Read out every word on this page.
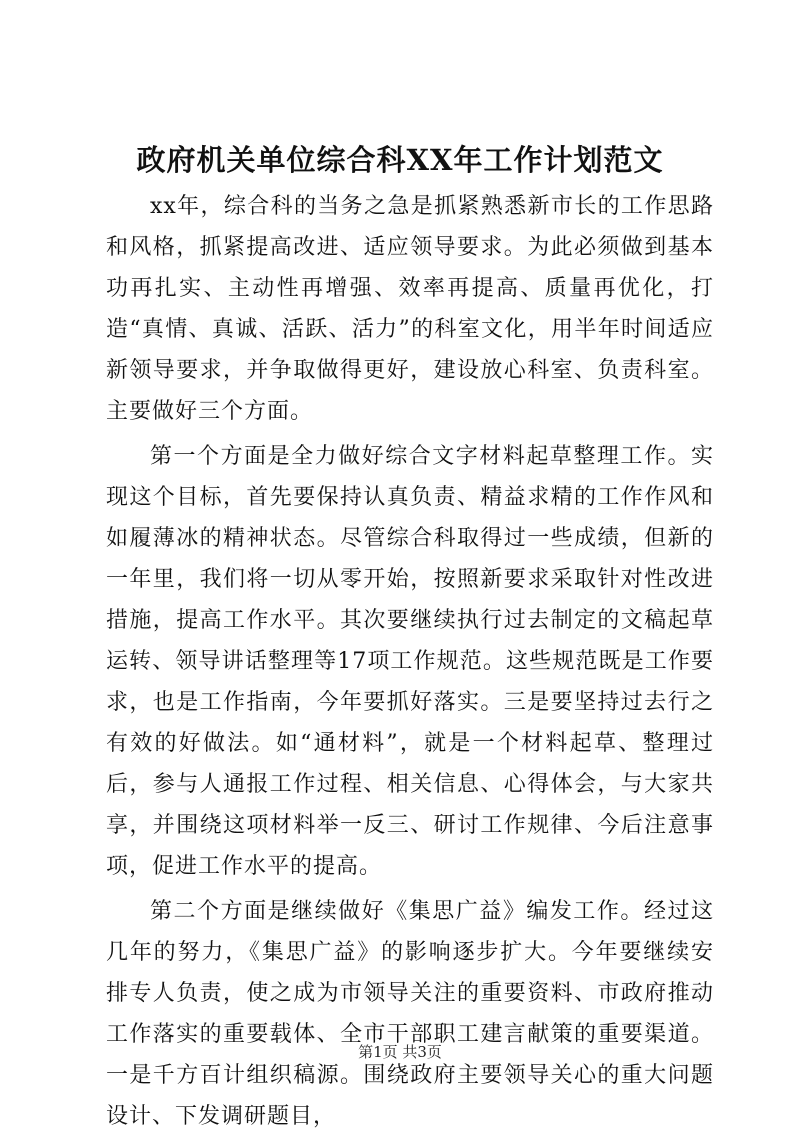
政府机关单位综合科XX年工作计划范文

xx年，综合科的当务之急是抓紧熟悉新市长的工作思路和风格，抓紧提高改进、适应领导要求。为此必须做到基本功再扎实、主动性再增强、效率再提高、质量再优化，打造“真情、真诚、活跃、活力”的科室文化，用半年时间适应新领导要求，并争取做得更好，建设放心科室、负责科室。主要做好三个方面。

第一个方面是全力做好综合文字材料起草整理工作。实现这个目标，首先要保持认真负责、精益求精的工作作风和如履薄冰的精神状态。尽管综合科取得过一些成绩，但新的一年里，我们将一切从零开始，按照新要求采取针对性改进措施，提高工作水平。其次要继续执行过去制定的文稿起草运转、领导讲话整理等17项工作规范。这些规范既是工作要求，也是工作指南，今年要抓好落实。三是要坚持过去行之有效的好做法。如“通材料”，就是一个材料起草、整理过后，参与人通报工作过程、相关信息、心得体会，与大家共享，并围绕这项材料举一反三、研讨工作规律、今后注意事项，促进工作水平的提高。

第二个方面是继续做好《集思广益》编发工作。经过这几年的努力，《集思广益》的影响逐步扩大。今年要继续安排专人负责，使之成为市领导关注的重要资料、市政府推动工作落实的重要载体、全市干部职工建言献策的重要渠道。一是千方百计组织稿源。围绕政府主要领导关心的重大问题设计、下发调研题目，

第1页 共3页
